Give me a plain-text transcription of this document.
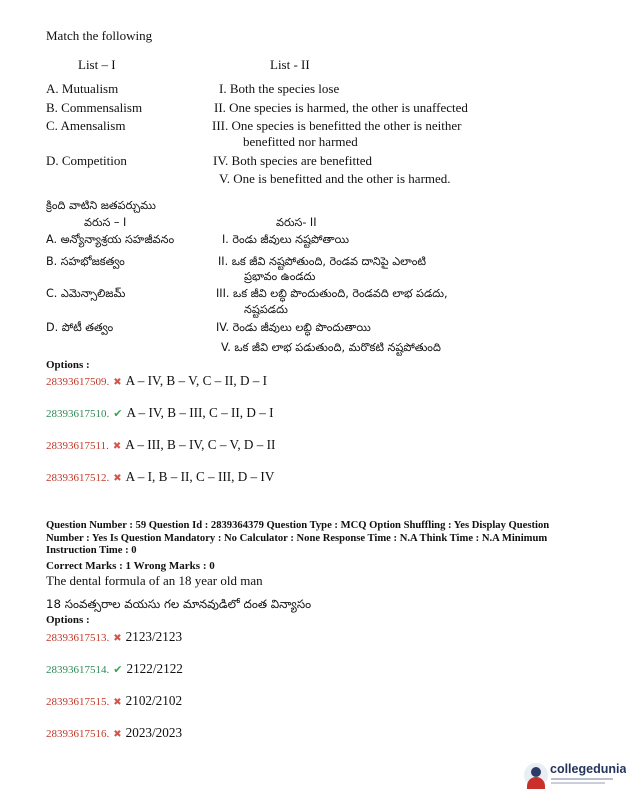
Match the following
List – I	List - II
A. Mutualism
B. Commensalism
C. Amensalism
D. Competition
I. Both the species lose
II. One species is harmed, the other is unaffected
III. One species is benefitted the other is neither
benefitted nor harmed
IV. Both species are benefitted
V. One is benefitted and the other is harmed.
క్రింది వాటిని జతపర్చుము
వరుస – I	వరుస- II
A. అన్యోన్యాశ్రయ సహజీవనం
B. సహభోజకత్వం
C. ఎమెన్సాలిజమ్
D. పోటీ తత్వం
I. రెండు జీవులు నష్టపోతాయి
II. ఒక జీవి నష్టపోతుంది, రెండవ దానిపై ఎలాంటి
ప్రభావం ఉండదు
III. ఒక జీవి లబ్ధి పొందుతుంది, రెండవది లాభ పడదు,
నష్టపడదు
IV. రెండు జీవులు లబ్ధి పొందుతాయి
V. ఒక జీవి లాభ పడుతుంది, మరొకటి నష్టపోతుంది
Options :
28393617509. ✖ A – IV, B – V, C – II, D – I
28393617510. ✔ A – IV, B – III, C – II, D – I
28393617511. ✖ A – III, B – IV, C – V, D – II
28393617512. ✖ A – I, B – II, C – III, D – IV
Question Number : 59 Question Id : 2839364379 Question Type : MCQ Option Shuffling : Yes Display Question Number : Yes Is Question Mandatory : No Calculator : None Response Time : N.A Think Time : N.A Minimum Instruction Time : 0
Correct Marks : 1 Wrong Marks : 0
The dental formula of an 18 year old man
18 సంవత్సరాల వయసు గల మానవుడిలో దంత విన్యాసం
Options :
28393617513. ✖ 2123/2123
28393617514. ✔ 2122/2122
28393617515. ✖ 2102/2102
28393617516. ✖ 2023/2023
collegedunia
